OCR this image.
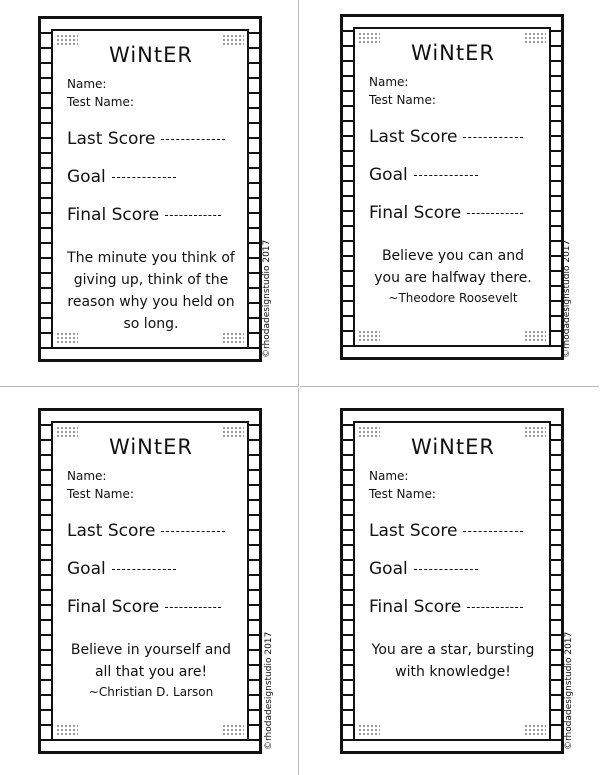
WiNtER
Name:
Test Name:
Last Score
Goal
Final Score
The minute you think of giving up, think of the reason why you held on so long.	©rhodadesignstudio 2017
WiNtER
Name:
Test Name:
Last Score
Goal
Final Score
Believe you can and you are halfway there.
~Theodore Roosevelt	©rhodadesignstudio 2017
WiNtER
Name:
Test Name:
Last Score
Goal
Final Score
Believe in yourself and all that you are!
~Christian D. Larson	©rhodadesignstudio 2017
WiNtER
Name:
Test Name:
Last Score
Goal
Final Score
You are a star, bursting with knowledge!	©rhodadesignstudio 2017
